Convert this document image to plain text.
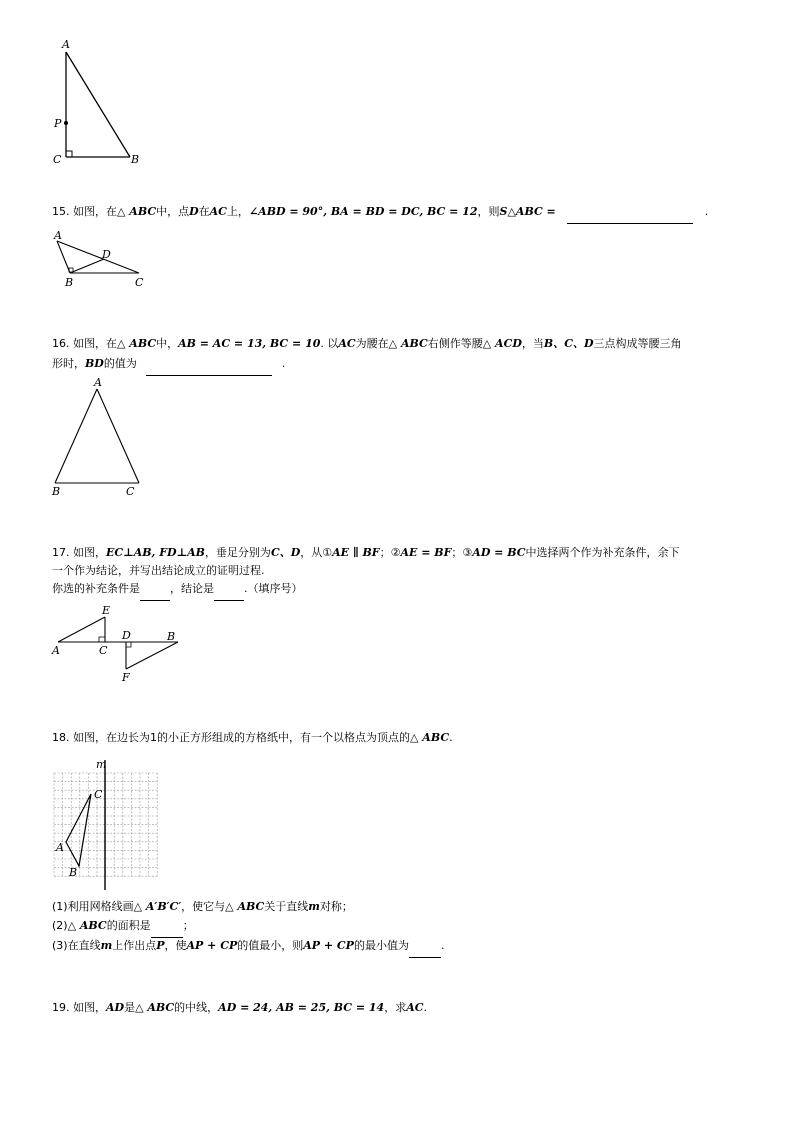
A
P
C	B
15. 如图，在△ ABC中，点D在AC上，∠ABD = 90°, BA = BD = DC, BC = 12，则S△ABC =	.
A
D
B	C
16. 如图，在△ ABC中，AB = AC = 13, BC = 10. 以AC为腰在△ ABC右侧作等腰△ ACD，当B、C、D三点构成等腰三角
形时，BD的值为	.
A
B	C
17. 如图，EC⊥AB, FD⊥AB，垂足分别为C、D，从①AE ∥ BF；②AE = BF；③AD = BC中选择两个作为补充条件，余下
一个作为结论，并写出结论成立的证明过程.
你选的补充条件是	，结论是	.（填序号）
E
A	C
D	B
F
18. 如图，在边长为1的小正方形组成的方格纸中，有一个以格点为顶点的△ ABC.
m
A
B
C
(1)利用网格线画△ A′B′C′，使它与△ ABC关于直线m对称；
(2)△ ABC的面积是	；
(3)在直线m上作出点P，使AP + CP的值最小，则AP + CP的最小值为	.
19. 如图，AD是△ ABC的中线，AD = 24, AB = 25, BC = 14，求AC.
